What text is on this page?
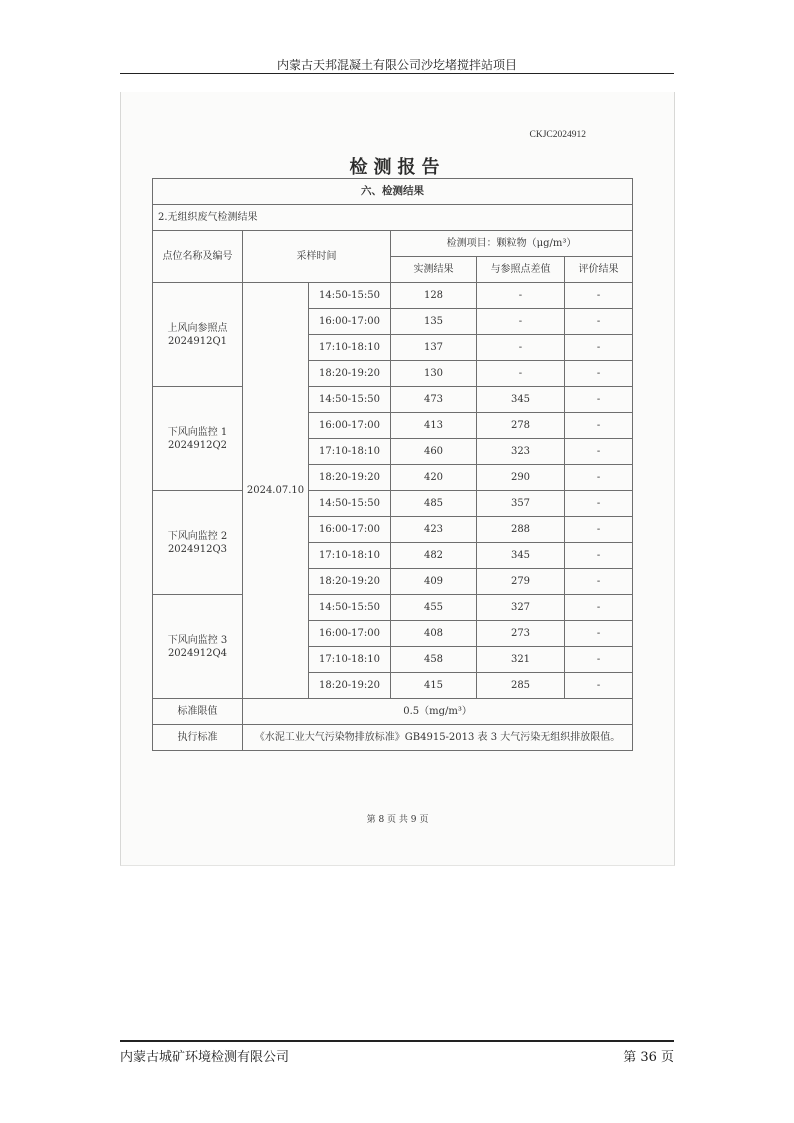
内蒙古天邦混凝土有限公司沙圪堵搅拌站项目
CKJC2024912
检测报告
六、检测结果					
2.无组织废气检测结果					
点位名称及编号	采样时间		检测项目：颗粒物（μg/m³）		
			实测结果	与参照点差值	评价结果

上风向参照点
2024912Q1	2024.07.10	14:50-15:50	128	-	-
		16:00-17:00	135	-	-
		17:10-18:10	137	-	-
		18:20-19:20	130	-	-

下风向监控 1
2024912Q2		14:50-15:50	473	345	-
		16:00-17:00	413	278	-
		17:10-18:10	460	323	-
		18:20-19:20	420	290	-

下风向监控 2
2024912Q3		14:50-15:50	485	357	-
		16:00-17:00	423	288	-
		17:10-18:10	482	345	-
		18:20-19:20	409	279	-

下风向监控 3
2024912Q4		14:50-15:50	455	327	-
		16:00-17:00	408	273	-
		17:10-18:10	458	321	-
		18:20-19:20	415	285	-
标准限值	0.5（mg/m³）				
执行标准	《水泥工业大气污染物排放标准》GB4915-2013 表 3 大气污染无组织排放限值。				
第 8 页 共 9 页
内蒙古城矿环境检测有限公司	第 36 页
